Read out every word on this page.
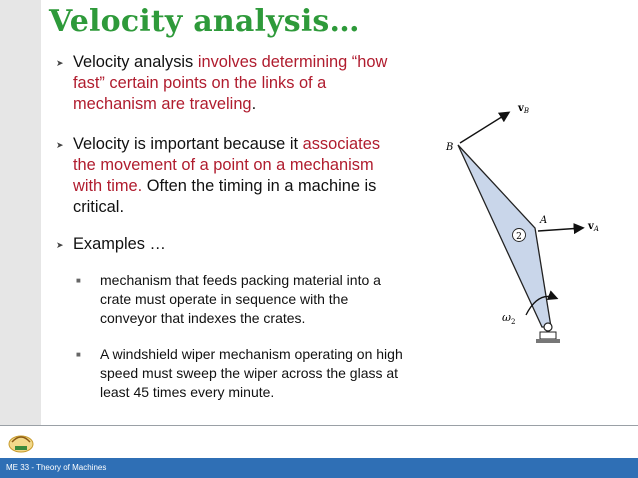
Velocity analysis…
➤ Velocity analysis involves determining “how fast” certain points on the links of a mechanism are traveling.
➤ Velocity is important because it associates the movement of a point on a mechanism with time. Often the timing in a machine is critical.
➤ Examples …
■ mechanism that feeds packing material into a crate must operate in sequence with the conveyor that indexes the crates.
■ A windshield wiper mechanism operating on high speed must sweep the wiper across the glass at least 45 times every minute.
2
$v_B$
B
A
$v_A$
$\omega_2$
ME 33 - Theory of Machines
